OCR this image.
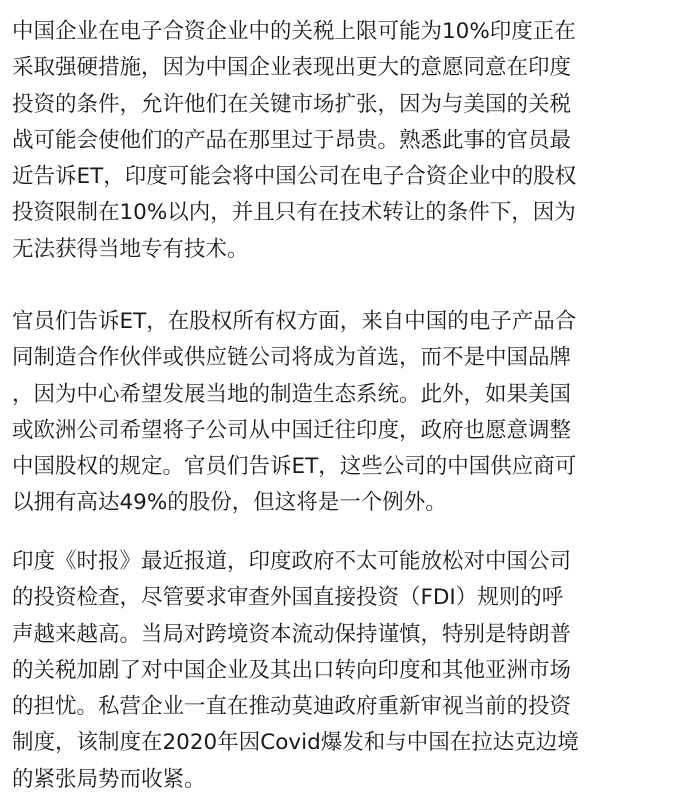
中国企业在电子合资企业中的关税上限可能为10%印度正在
采取强硬措施，因为中国企业表现出更大的意愿同意在印度
投资的条件，允许他们在关键市场扩张，因为与美国的关税
战可能会使他们的产品在那里过于昂贵。熟悉此事的官员最
近告诉ET，印度可能会将中国公司在电子合资企业中的股权
投资限制在10%以内，并且只有在技术转让的条件下，因为
无法获得当地专有技术。

官员们告诉ET，在股权所有权方面，来自中国的电子产品合
同制造合作伙伴或供应链公司将成为首选，而不是中国品牌
，因为中心希望发展当地的制造生态系统。此外，如果美国
或欧洲公司希望将子公司从中国迁往印度，政府也愿意调整
中国股权的规定。官员们告诉ET，这些公司的中国供应商可
以拥有高达49%的股份，但这将是一个例外。

印度《时报》最近报道，印度政府不太可能放松对中国公司
的投资检查，尽管要求审查外国直接投资（FDI）规则的呼
声越来越高。当局对跨境资本流动保持谨慎，特别是特朗普
的关税加剧了对中国企业及其出口转向印度和其他亚洲市场
的担忧。私营企业一直在推动莫迪政府重新审视当前的投资
制度，该制度在2020年因Covid爆发和与中国在拉达克边境
的紧张局势而收紧。
